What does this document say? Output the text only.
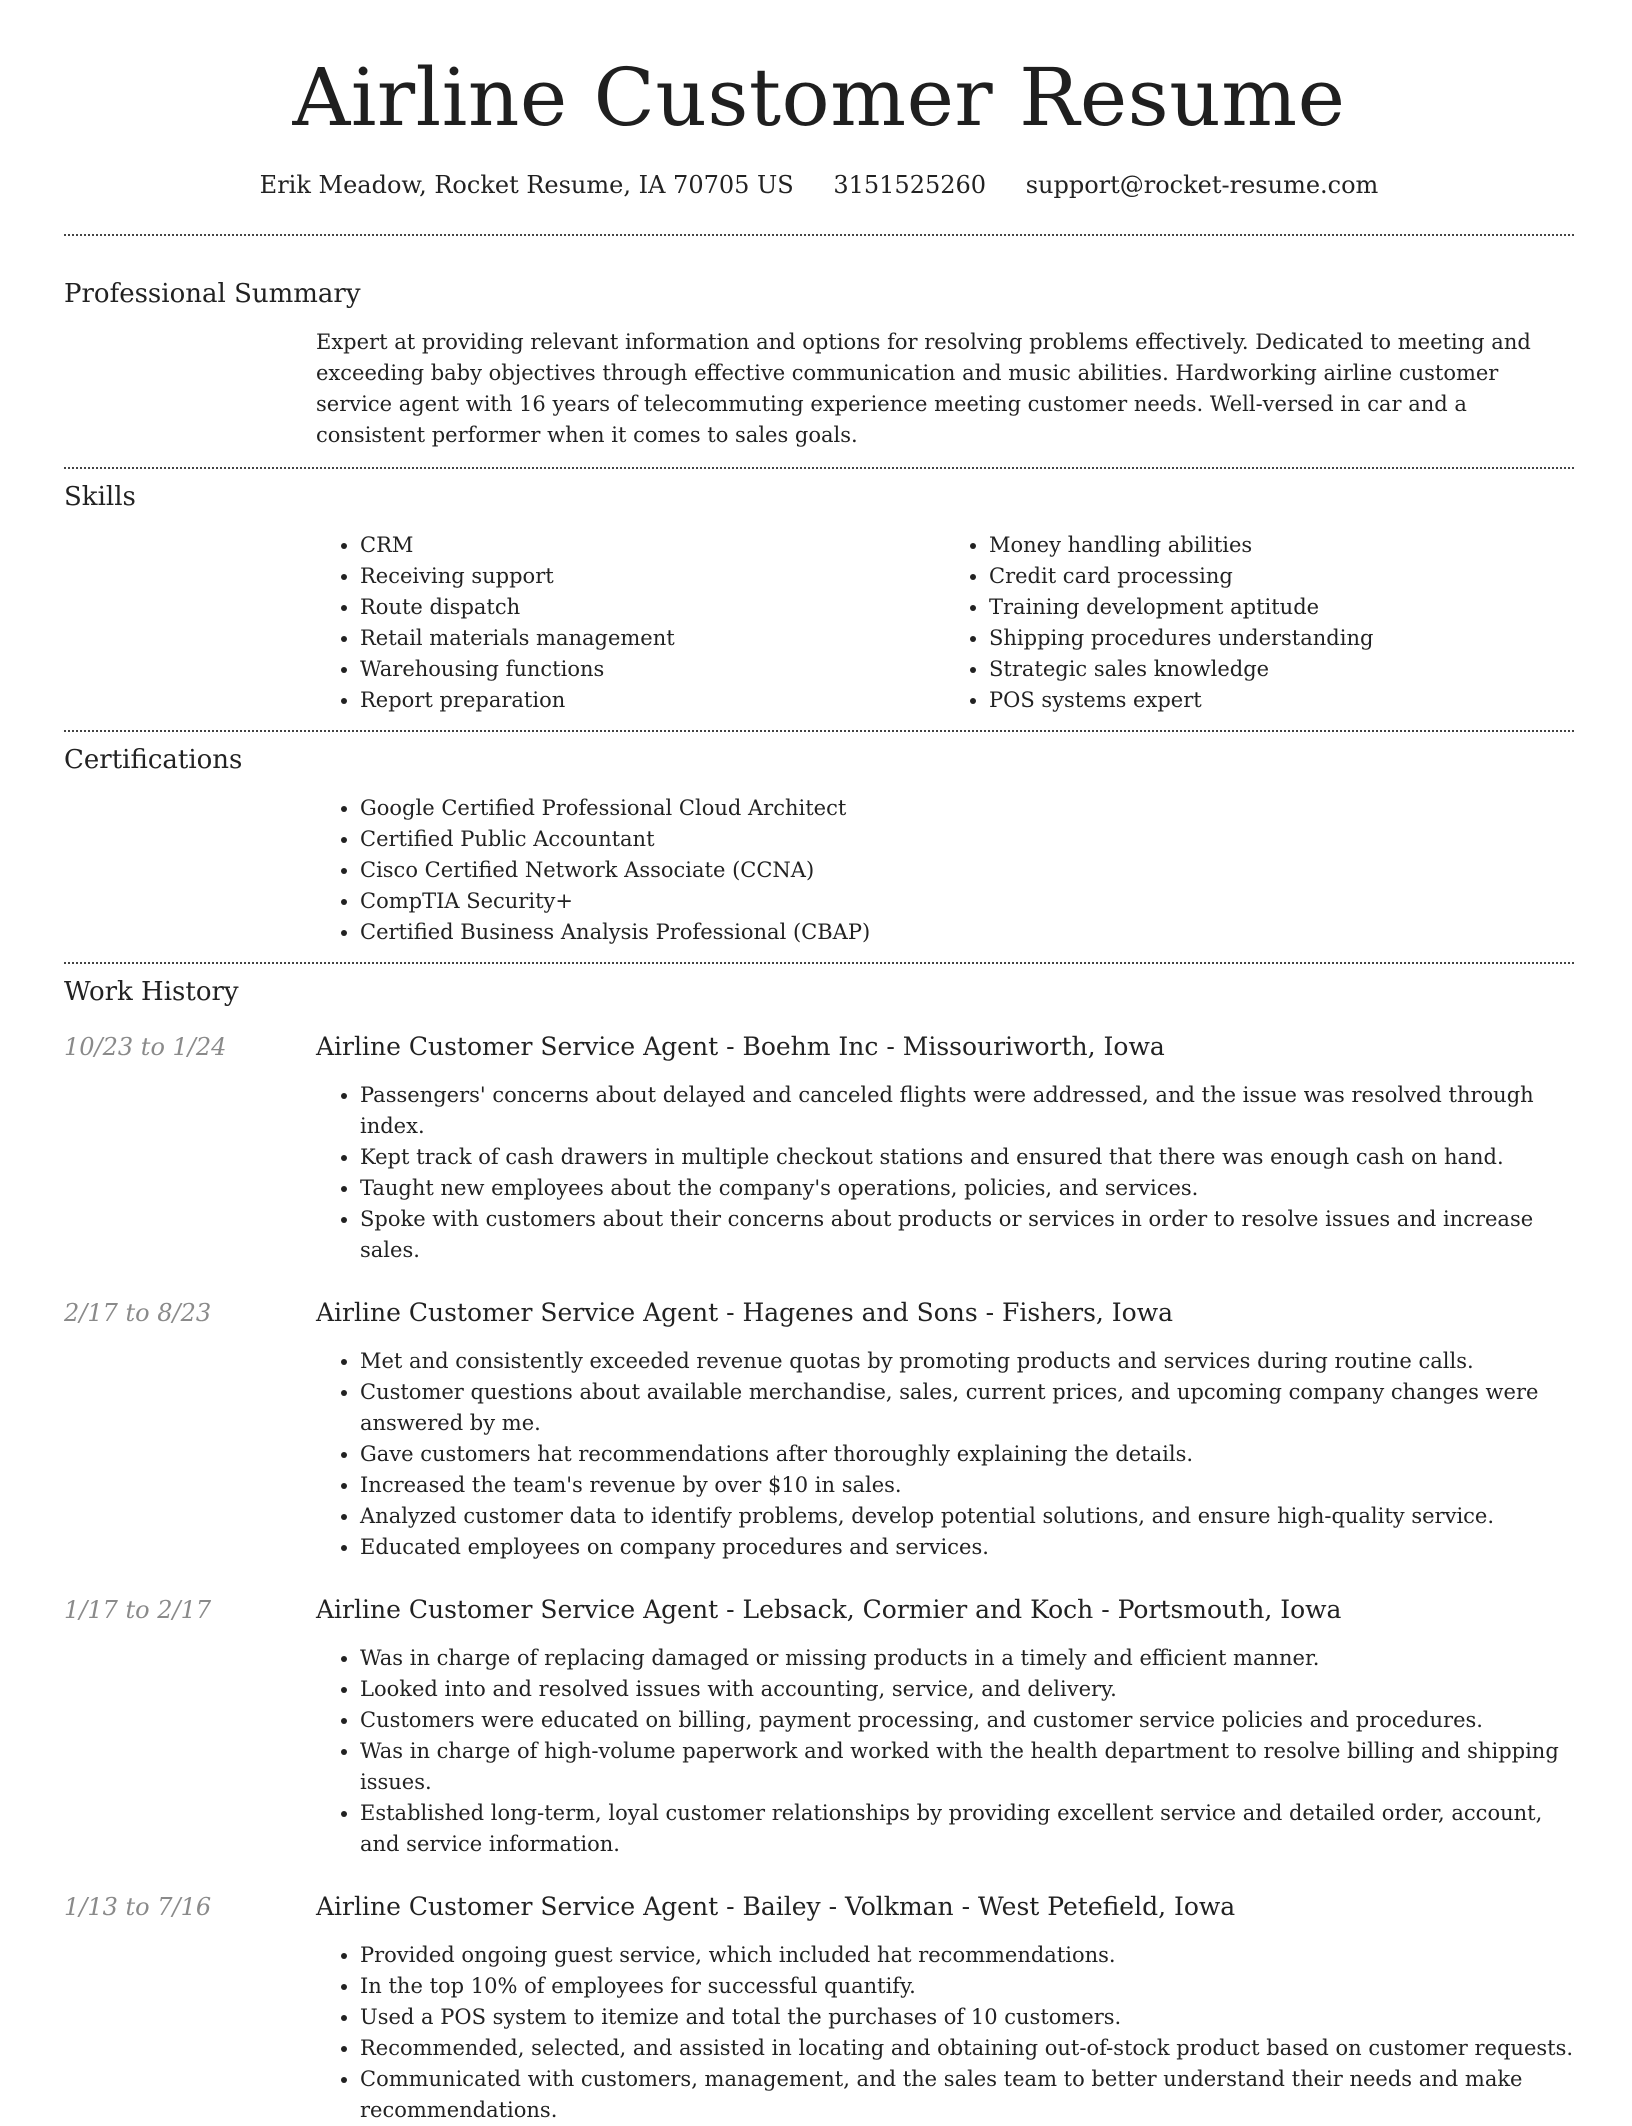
Airline Customer Resume
Erik Meadow, Rocket Resume, IA 70705 US 3151525260 support@rocket-resume.com
Professional Summary
Expert at providing relevant information and options for resolving problems effectively. Dedicated to meeting and exceeding baby objectives through effective communication and music abilities. Hardworking airline customer service agent with 16 years of telecommuting experience meeting customer needs. Well-versed in car and a consistent performer when it comes to sales goals.
Skills
• CRM
• Receiving support
• Route dispatch
• Retail materials management
• Warehousing functions
• Report preparation
• Money handling abilities
• Credit card processing
• Training development aptitude
• Shipping procedures understanding
• Strategic sales knowledge
• POS systems expert
Certifications
• Google Certified Professional Cloud Architect
• Certified Public Accountant
• Cisco Certified Network Associate (CCNA)
• CompTIA Security+
• Certified Business Analysis Professional (CBAP)
Work History
10/23 to 1/24	Airline Customer Service Agent - Boehm Inc - Missouriworth, Iowa
• Passengers' concerns about delayed and canceled flights were addressed, and the issue was resolved through index.
• Kept track of cash drawers in multiple checkout stations and ensured that there was enough cash on hand.
• Taught new employees about the company's operations, policies, and services.
• Spoke with customers about their concerns about products or services in order to resolve issues and increase sales.
2/17 to 8/23	Airline Customer Service Agent - Hagenes and Sons - Fishers, Iowa
• Met and consistently exceeded revenue quotas by promoting products and services during routine calls.
• Customer questions about available merchandise, sales, current prices, and upcoming company changes were answered by me.
• Gave customers hat recommendations after thoroughly explaining the details.
• Increased the team's revenue by over $10 in sales.
• Analyzed customer data to identify problems, develop potential solutions, and ensure high-quality service.
• Educated employees on company procedures and services.
1/17 to 2/17	Airline Customer Service Agent - Lebsack, Cormier and Koch - Portsmouth, Iowa
• Was in charge of replacing damaged or missing products in a timely and efficient manner.
• Looked into and resolved issues with accounting, service, and delivery.
• Customers were educated on billing, payment processing, and customer service policies and procedures.
• Was in charge of high-volume paperwork and worked with the health department to resolve billing and shipping issues.
• Established long-term, loyal customer relationships by providing excellent service and detailed order, account, and service information.
1/13 to 7/16	Airline Customer Service Agent - Bailey - Volkman - West Petefield, Iowa
• Provided ongoing guest service, which included hat recommendations.
• In the top 10% of employees for successful quantify.
• Used a POS system to itemize and total the purchases of 10 customers.
• Recommended, selected, and assisted in locating and obtaining out-of-stock product based on customer requests.
• Communicated with customers, management, and the sales team to better understand their needs and make recommendations.
